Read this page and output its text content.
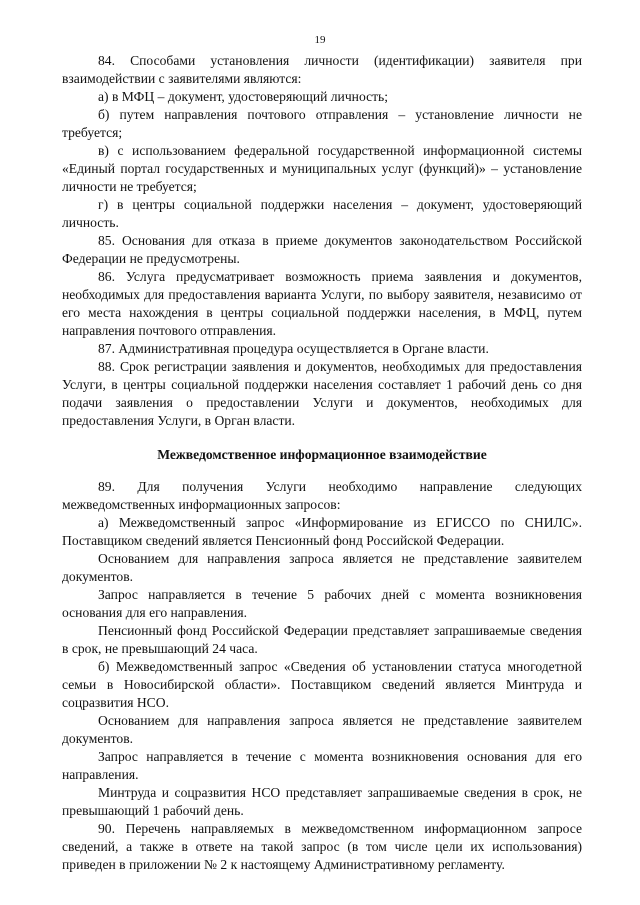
19

84. Способами установления личности (идентификации) заявителя при взаимодействии с заявителями являются:

а) в МФЦ – документ, удостоверяющий личность;

б) путем направления почтового отправления – установление личности не требуется;

в) с использованием федеральной государственной информационной системы «Единый портал государственных и муниципальных услуг (функций)» – установление личности не требуется;

г) в центры социальной поддержки населения – документ, удостоверяющий личность.

85. Основания для отказа в приеме документов законодательством Российской Федерации не предусмотрены.

86. Услуга предусматривает возможность приема заявления и документов, необходимых для предоставления варианта Услуги, по выбору заявителя, независимо от его места нахождения в центры социальной поддержки населения, в МФЦ, путем направления почтового отправления.

87. Административная процедура осуществляется в Органе власти.

88. Срок регистрации заявления и документов, необходимых для предоставления Услуги, в центры социальной поддержки населения составляет 1 рабочий день со дня подачи заявления о предоставлении Услуги и документов, необходимых для предоставления Услуги, в Орган власти.

Межведомственное информационное взаимодействие

89. Для получения Услуги необходимо направление следующих межведомственных информационных запросов:

а) Межведомственный запрос «Информирование из ЕГИССО по СНИЛС». Поставщиком сведений является Пенсионный фонд Российской Федерации.

Основанием для направления запроса является не представление заявителем документов.

Запрос направляется в течение 5 рабочих дней с момента возникновения основания для его направления.

Пенсионный фонд Российской Федерации представляет запрашиваемые сведения в срок, не превышающий 24 часа.

б) Межведомственный запрос «Сведения об установлении статуса многодетной семьи в Новосибирской области». Поставщиком сведений является Минтруда и соцразвития НСО.

Основанием для направления запроса является не представление заявителем документов.

Запрос направляется в течение с момента возникновения основания для его направления.

Минтруда и соцразвития НСО представляет запрашиваемые сведения в срок, не превышающий 1 рабочий день.

90. Перечень направляемых в межведомственном информационном запросе сведений, а также в ответе на такой запрос (в том числе цели их использования) приведен в приложении № 2 к настоящему Административному регламенту.
